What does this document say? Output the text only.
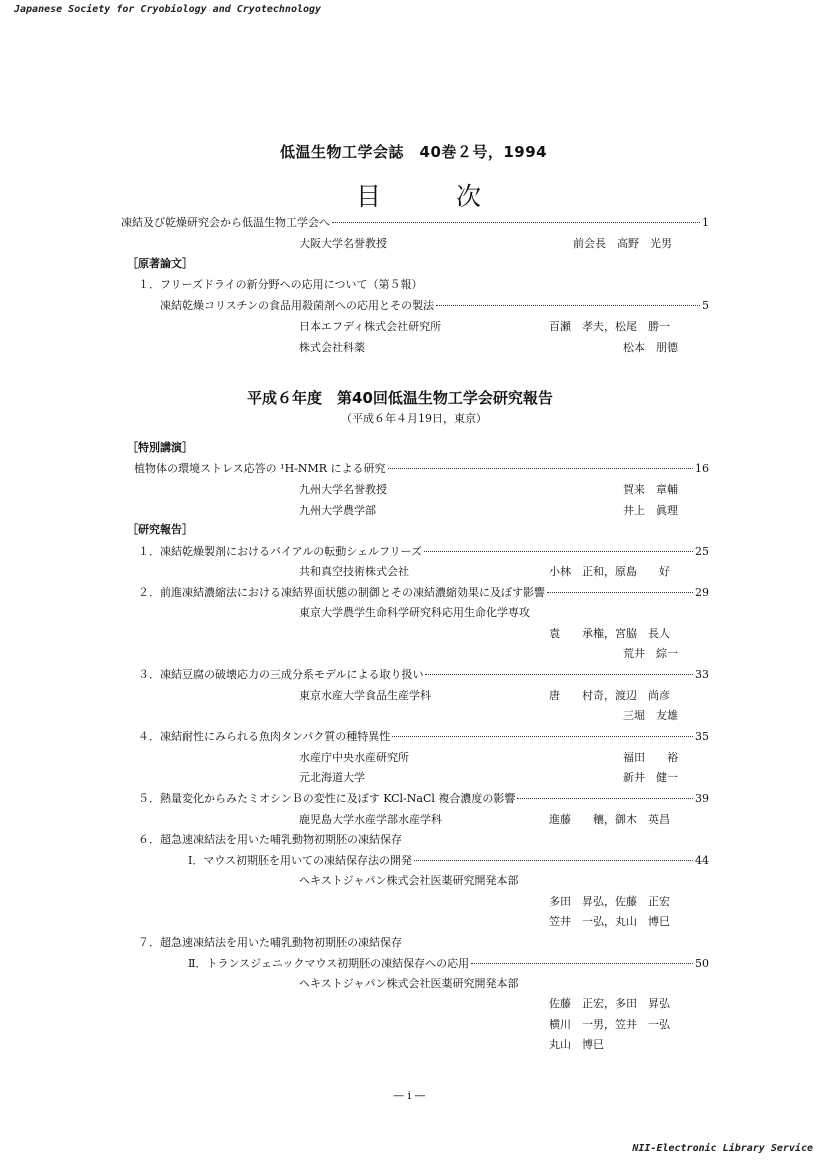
Japanese Society for Cryobiology and Cryotechnology
NII-Electronic Library Service
低温生物工学会誌　40巻２号，1994
目	次
凍結及び乾燥研究会から低温生物工学会へ	1
大阪大学名誉教授	前会長　高野　光男
［原著論文］
１． フリーズドライの新分野への応用について（第５報）
凍結乾燥コリスチンの食品用殺菌剤への応用とその製法	5
日本エフディ株式会社研究所	百瀬　孝夫，松尾　勝一
株式会社科薬	松本　朋德
平成６年度　第40回低温生物工学会研究報告
（平成６年４月19日，東京）
［特別講演］
植物体の環境ストレス応答の ¹H-NMR による研究	16
九州大学名誉教授	賀来　章輔
九州大学農学部	井上　眞理
［研究報告］
１． 凍結乾燥製剤におけるバイアルの転動シェルフリーズ	25
共和真空技術株式会社	小林　正和，原島　　好
２． 前進凍結濃縮法における凍結界面状態の制御とその凍結濃縮効果に及ぼす影響	29
東京大学農学生命科学研究科応用生命化学専攻
袁　　承権，宮脇　長人
荒井　綜一
３． 凍結豆腐の破壊応力の三成分系モデルによる取り扱い	33
東京水産大学食品生産学科	唐　　村奇，渡辺　尚彦
三堀　友雄
４． 凍結耐性にみられる魚肉タンパク質の種特異性	35
水産庁中央水産研究所	福田　　裕
元北海道大学	新井　健一
５． 熱量変化からみたミオシンＢの変性に及ぼす KCl-NaCl 複合濃度の影響	39
鹿児島大学水産学部水産学科	進藤　　穰，御木　英昌
６． 超急速凍結法を用いた哺乳動物初期胚の凍結保存
Ⅰ．マウス初期胚を用いての凍結保存法の開発	44
ヘキストジャパン株式会社医薬研究開発本部
多田　昇弘，佐藤　正宏
笠井　一弘，丸山　博巳
７． 超急速凍結法を用いた哺乳動物初期胚の凍結保存
Ⅱ．トランスジェニックマウス初期胚の凍結保存への応用	50
ヘキストジャパン株式会社医薬研究開発本部
佐藤　正宏，多田　昇弘
横川　一男，笠井　一弘
丸山　博巳
— i —
